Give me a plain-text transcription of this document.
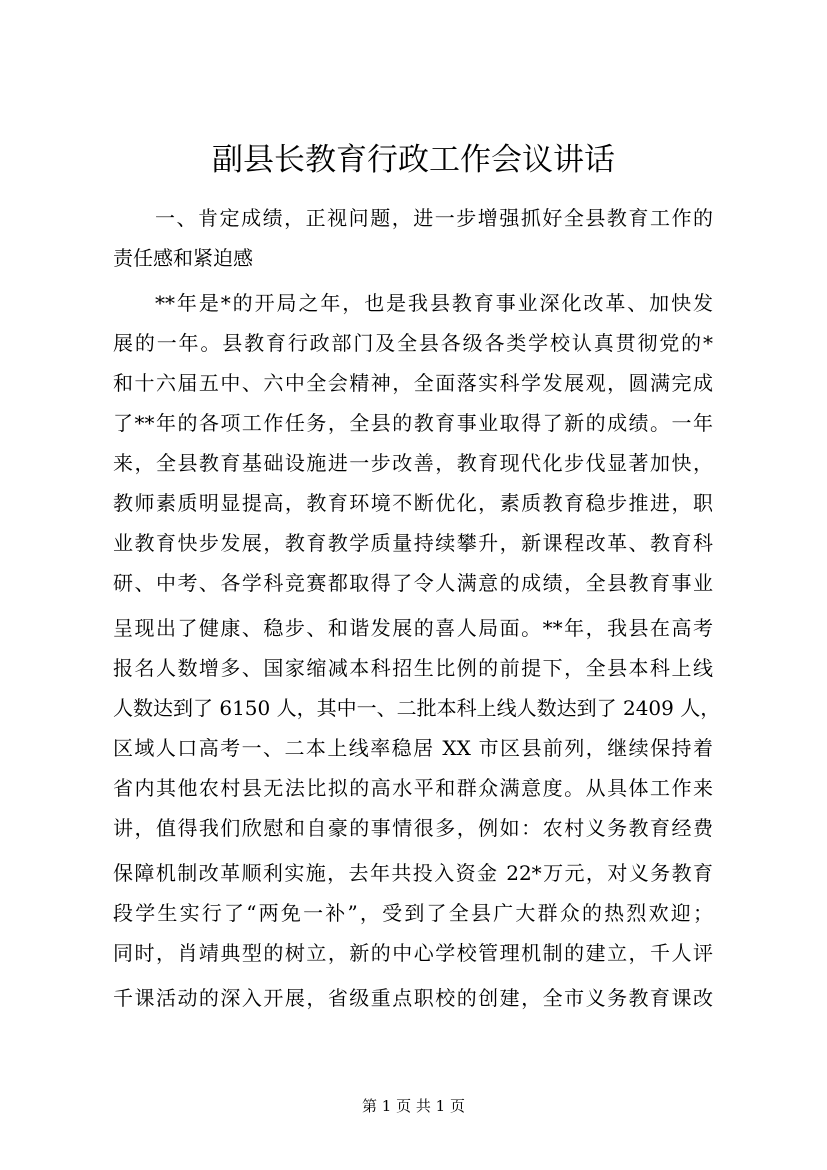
副县长教育行政工作会议讲话
一、肯定成绩，正视问题，进一步增强抓好全县教育工作的
责任感和紧迫感
**年是*的开局之年，也是我县教育事业深化改革、加快发
展的一年。县教育行政部门及全县各级各类学校认真贯彻党的*
和十六届五中、六中全会精神，全面落实科学发展观，圆满完成
了**年的各项工作任务，全县的教育事业取得了新的成绩。一年
来，全县教育基础设施进一步改善，教育现代化步伐显著加快，
教师素质明显提高，教育环境不断优化，素质教育稳步推进，职
业教育快步发展，教育教学质量持续攀升，新课程改革、教育科
研、中考、各学科竞赛都取得了令人满意的成绩，全县教育事业
呈现出了健康、稳步、和谐发展的喜人局面。**年，我县在高考
报名人数增多、国家缩减本科招生比例的前提下，全县本科上线
人数达到了 6150 人，其中一、二批本科上线人数达到了 2409 人，
区域人口高考一、二本上线率稳居 XX 市区县前列，继续保持着
省内其他农村县无法比拟的高水平和群众满意度。从具体工作来
讲，值得我们欣慰和自豪的事情很多，例如：农村义务教育经费
保障机制改革顺利实施，去年共投入资金 22*万元，对义务教育
段学生实行了“两免一补”，受到了全县广大群众的热烈欢迎；
同时，肖靖典型的树立，新的中心学校管理机制的建立，千人评
千课活动的深入开展，省级重点职校的创建，全市义务教育课改
第 1 页 共 1 页
